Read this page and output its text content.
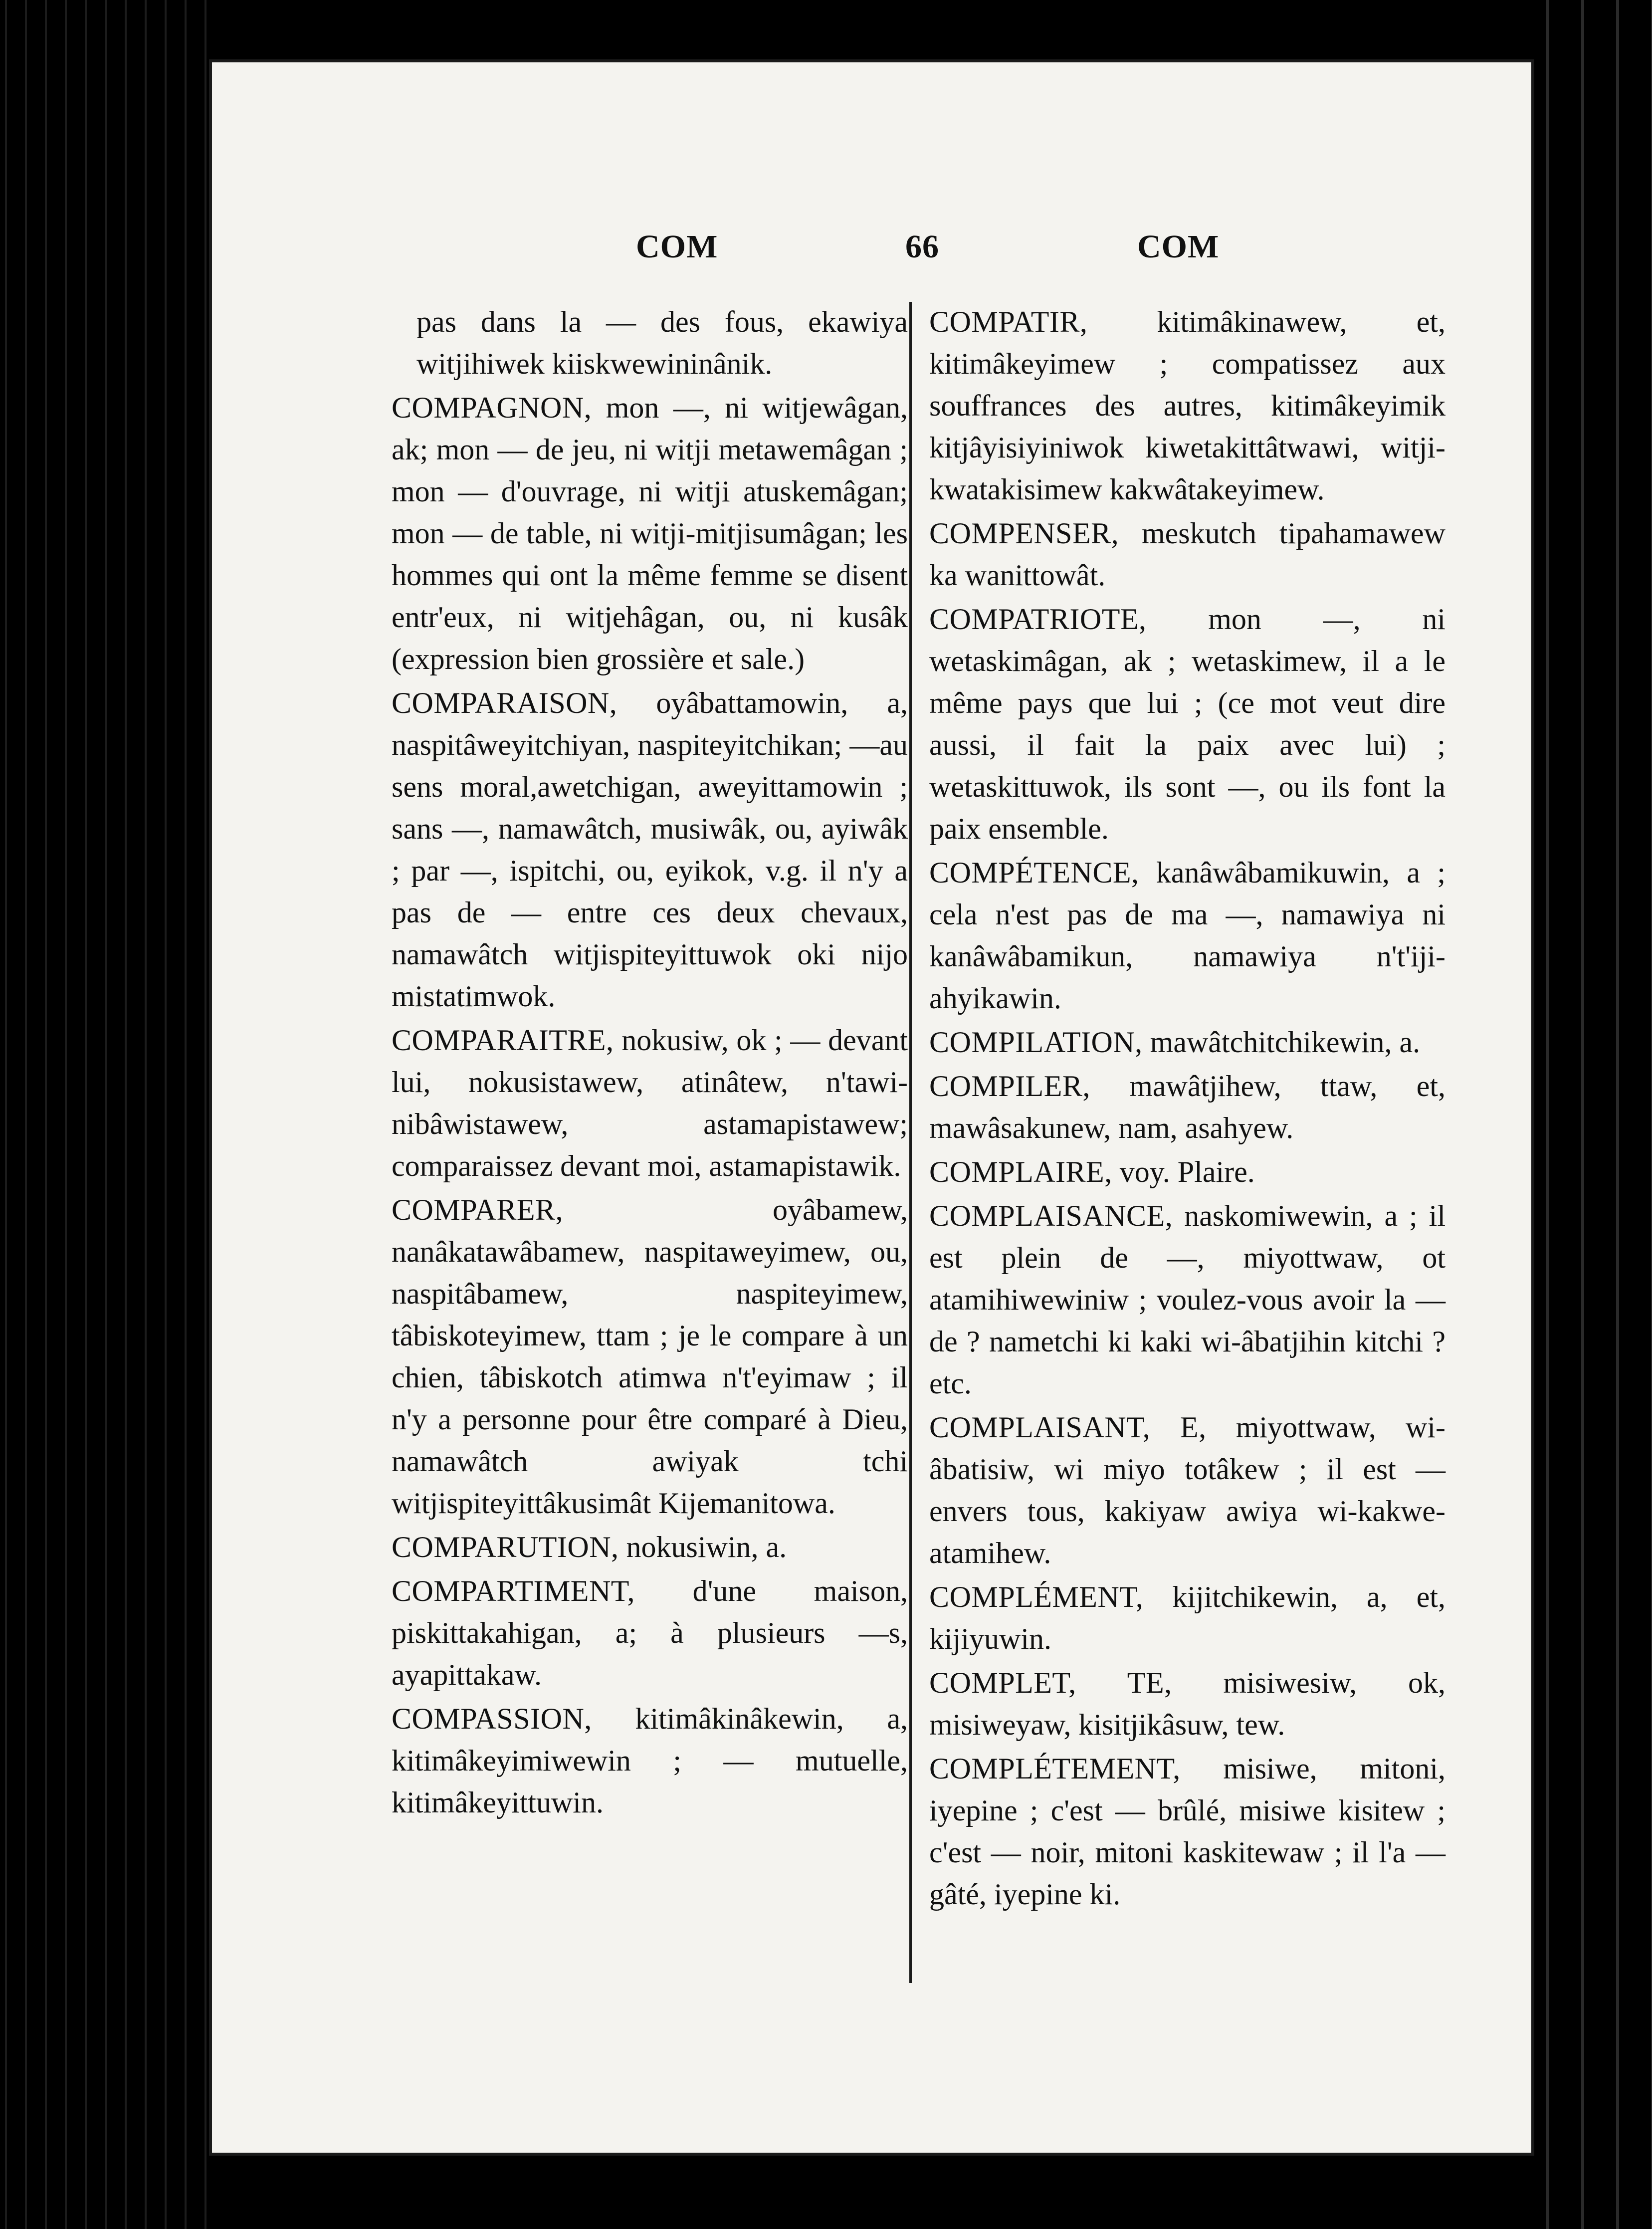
COM	66	COM

pas dans la — des fous, ekawiya witjihiwek kiiskwewininânik.

COMPAGNON, mon —, ni witjewâgan, ak; mon — de jeu, ni witji metawemâgan ; mon — d'ouvrage, ni witji atuskemâgan; mon — de table, ni witji-mitjisumâgan; les hommes qui ont la même femme se disent entr'eux, ni witjehâgan, ou, ni kusâk (expression bien grossière et sale.)

COMPARAISON, oyâbattamowin, a, naspitâweyitchiyan, naspiteyitchikan; —au sens moral,awetchigan, aweyittamowin ; sans —, namawâtch, musiwâk, ou, ayiwâk ; par —, ispitchi, ou, eyikok, v.g. il n'y a pas de — entre ces deux chevaux, namawâtch witjispiteyittuwok oki nijo mistatimwok.

COMPARAITRE, nokusiw, ok ; — devant lui, nokusistawew, atinâtew, n'tawi-nibâwistawew, astamapistawew; comparaissez devant moi, astamapistawik.

COMPARER,	oyâbamew, nanâkatawâbamew, naspitaweyimew, ou, naspitâbamew, naspiteyimew, tâbiskoteyimew, ttam ; je le compare à un chien, tâbiskotch atimwa n't'eyimaw ; il n'y a personne pour être comparé à Dieu, namawâtch awiyak tchi witjispiteyittâkusimât Kijemanitowa.

COMPARUTION, nokusiwin, a.

COMPARTIMENT, d'une maison, piskittakahigan, a; à plusieurs —s, ayapittakaw.

COMPASSION, kitimâkinâkewin, a, kitimâkeyimiwewin ; — mutuelle, kitimâkeyittuwin.

COMPATIR, kitimâkinawew, et, kitimâkeyimew ; compatissez aux souffrances des autres, kitimâkeyimik kitjâyisiyiniwok kiwetakittâtwawi, witji-kwatakisimew kakwâtakeyimew.

COMPENSER, meskutch tipahamawew ka wanittowât.

COMPATRIOTE, mon —, ni wetaskimâgan, ak ; wetaskimew, il a le même pays que lui ; (ce mot veut dire aussi, il fait la paix avec lui) ; wetaskittuwok, ils sont —, ou ils font la paix ensemble.

COMPÉTENCE, kanâwâbamikuwin, a ; cela n'est pas de ma —, namawiya ni kanâwâbamikun, namawiya n't'iji-ahyikawin.

COMPILATION, mawâtchitchikewin, a.

COMPILER, mawâtjihew, ttaw, et, mawâsakunew, nam, asahyew.

COMPLAIRE, voy. Plaire.

COMPLAISANCE, naskomiwewin, a ; il est plein de —, miyottwaw, ot atamihiwewiniw ; voulez-vous avoir la — de ? nametchi ki kaki wi-âbatjihin kitchi ? etc.

COMPLAISANT, E, miyottwaw, wi-âbatisiw, wi miyo totâkew ; il est — envers tous, kakiyaw awiya wi-kakwe-atamihew.

COMPLÉMENT, kijitchikewin, a, et, kijiyuwin.

COMPLET, TE, misiwesiw, ok, misiweyaw, kisitjikâsuw, tew.

COMPLÉTEMENT, misiwe, mitoni, iyepine ; c'est — brûlé, misiwe kisitew ; c'est — noir, mitoni kaskitewaw ; il l'a — gâté, iyepine ki.
